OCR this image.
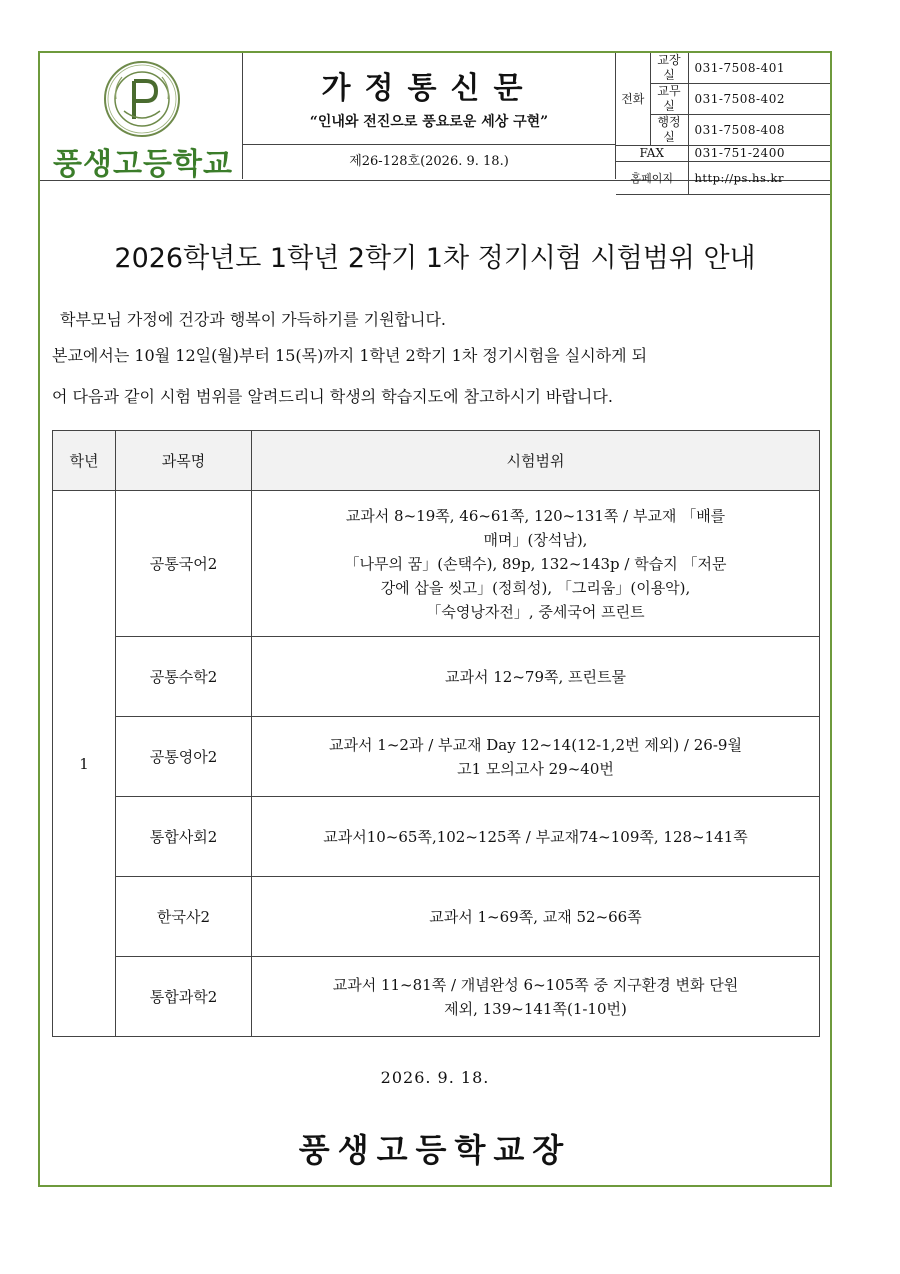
풍생고등학교
가정통신문
“인내와 전진으로 풍요로운 세상 구현”
제26-128호(2026. 9. 18.)
전화	교장실	031-7508-401
	교무실	031-7508-402
	행정실	031-7508-408
FAX		031-751-2400
홈페이지		http://ps.hs.kr
2026학년도 1학년 2학기 1차 정기시험 시험범위 안내
학부모님 가정에 건강과 행복이 가득하기를 기원합니다.
본교에서는 10월 12일(월)부터 15(목)까지 1학년 2학기 1차 정기시험을 실시하게 되
어 다음과 같이 시험 범위를 알려드리니 학생의 학습지도에 참고하시기 바랍니다.
학년	과목명	시험범위
1	공통국어2	교과서 8~19쪽, 46~61쪽, 120~131쪽 / 부교재 「배를
매며」(장석남),
「나무의 꿈」(손택수), 89p, 132~143p / 학습지 「저문
강에 삽을 씻고」(정희성), 「그리움」(이용악),
「숙영낭자전」, 중세국어 프린트

	공통수학2	교과서 12~79쪽, 프린트물

	공통영아2	교과서 1~2과 / 부교재 Day 12~14(12-1,2번 제외) / 26-9월
고1 모의고사 29~40번

	통합사회2	교과서10~65쪽,102~125쪽 / 부교재74~109쪽, 128~141쪽

	한국사2	교과서 1~69쪽, 교재 52~66쪽

	통합과학2	교과서 11~81쪽 / 개념완성 6~105쪽 중 지구환경 변화 단원
제외, 139~141쪽(1-10번)
2026. 9. 18.
풍생고등학교장
